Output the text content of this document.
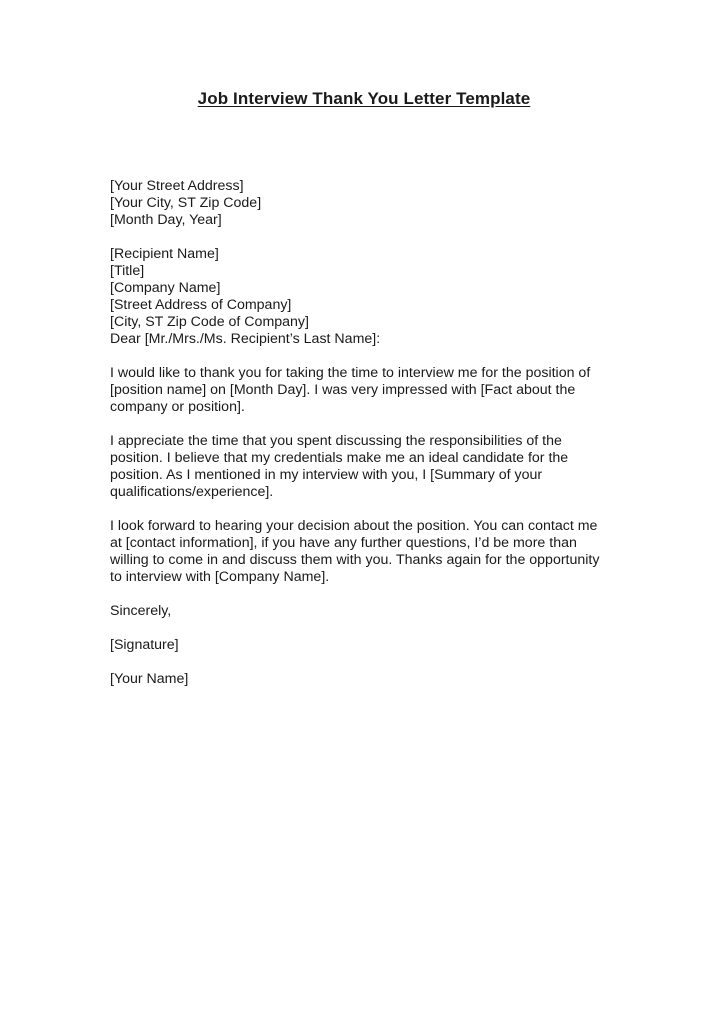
Job Interview Thank You Letter Template
[Your Street Address]
[Your City, ST Zip Code]
[Month Day, Year]
[Recipient Name]
[Title]
[Company Name]
[Street Address of Company]
[City, ST Zip Code of Company]
Dear [Mr./Mrs./Ms. Recipient’s Last Name]:
I would like to thank you for taking the time to interview me for the position of
[position name] on [Month Day]. I was very impressed with [Fact about the
company or position].
I appreciate the time that you spent discussing the responsibilities of the
position. I believe that my credentials make me an ideal candidate for the
position. As I mentioned in my interview with you, I [Summary of your
qualifications/experience].
I look forward to hearing your decision about the position. You can contact me
at [contact information], if you have any further questions, I’d be more than
willing to come in and discuss them with you. Thanks again for the opportunity
to interview with [Company Name].
Sincerely,
[Signature]
[Your Name]
